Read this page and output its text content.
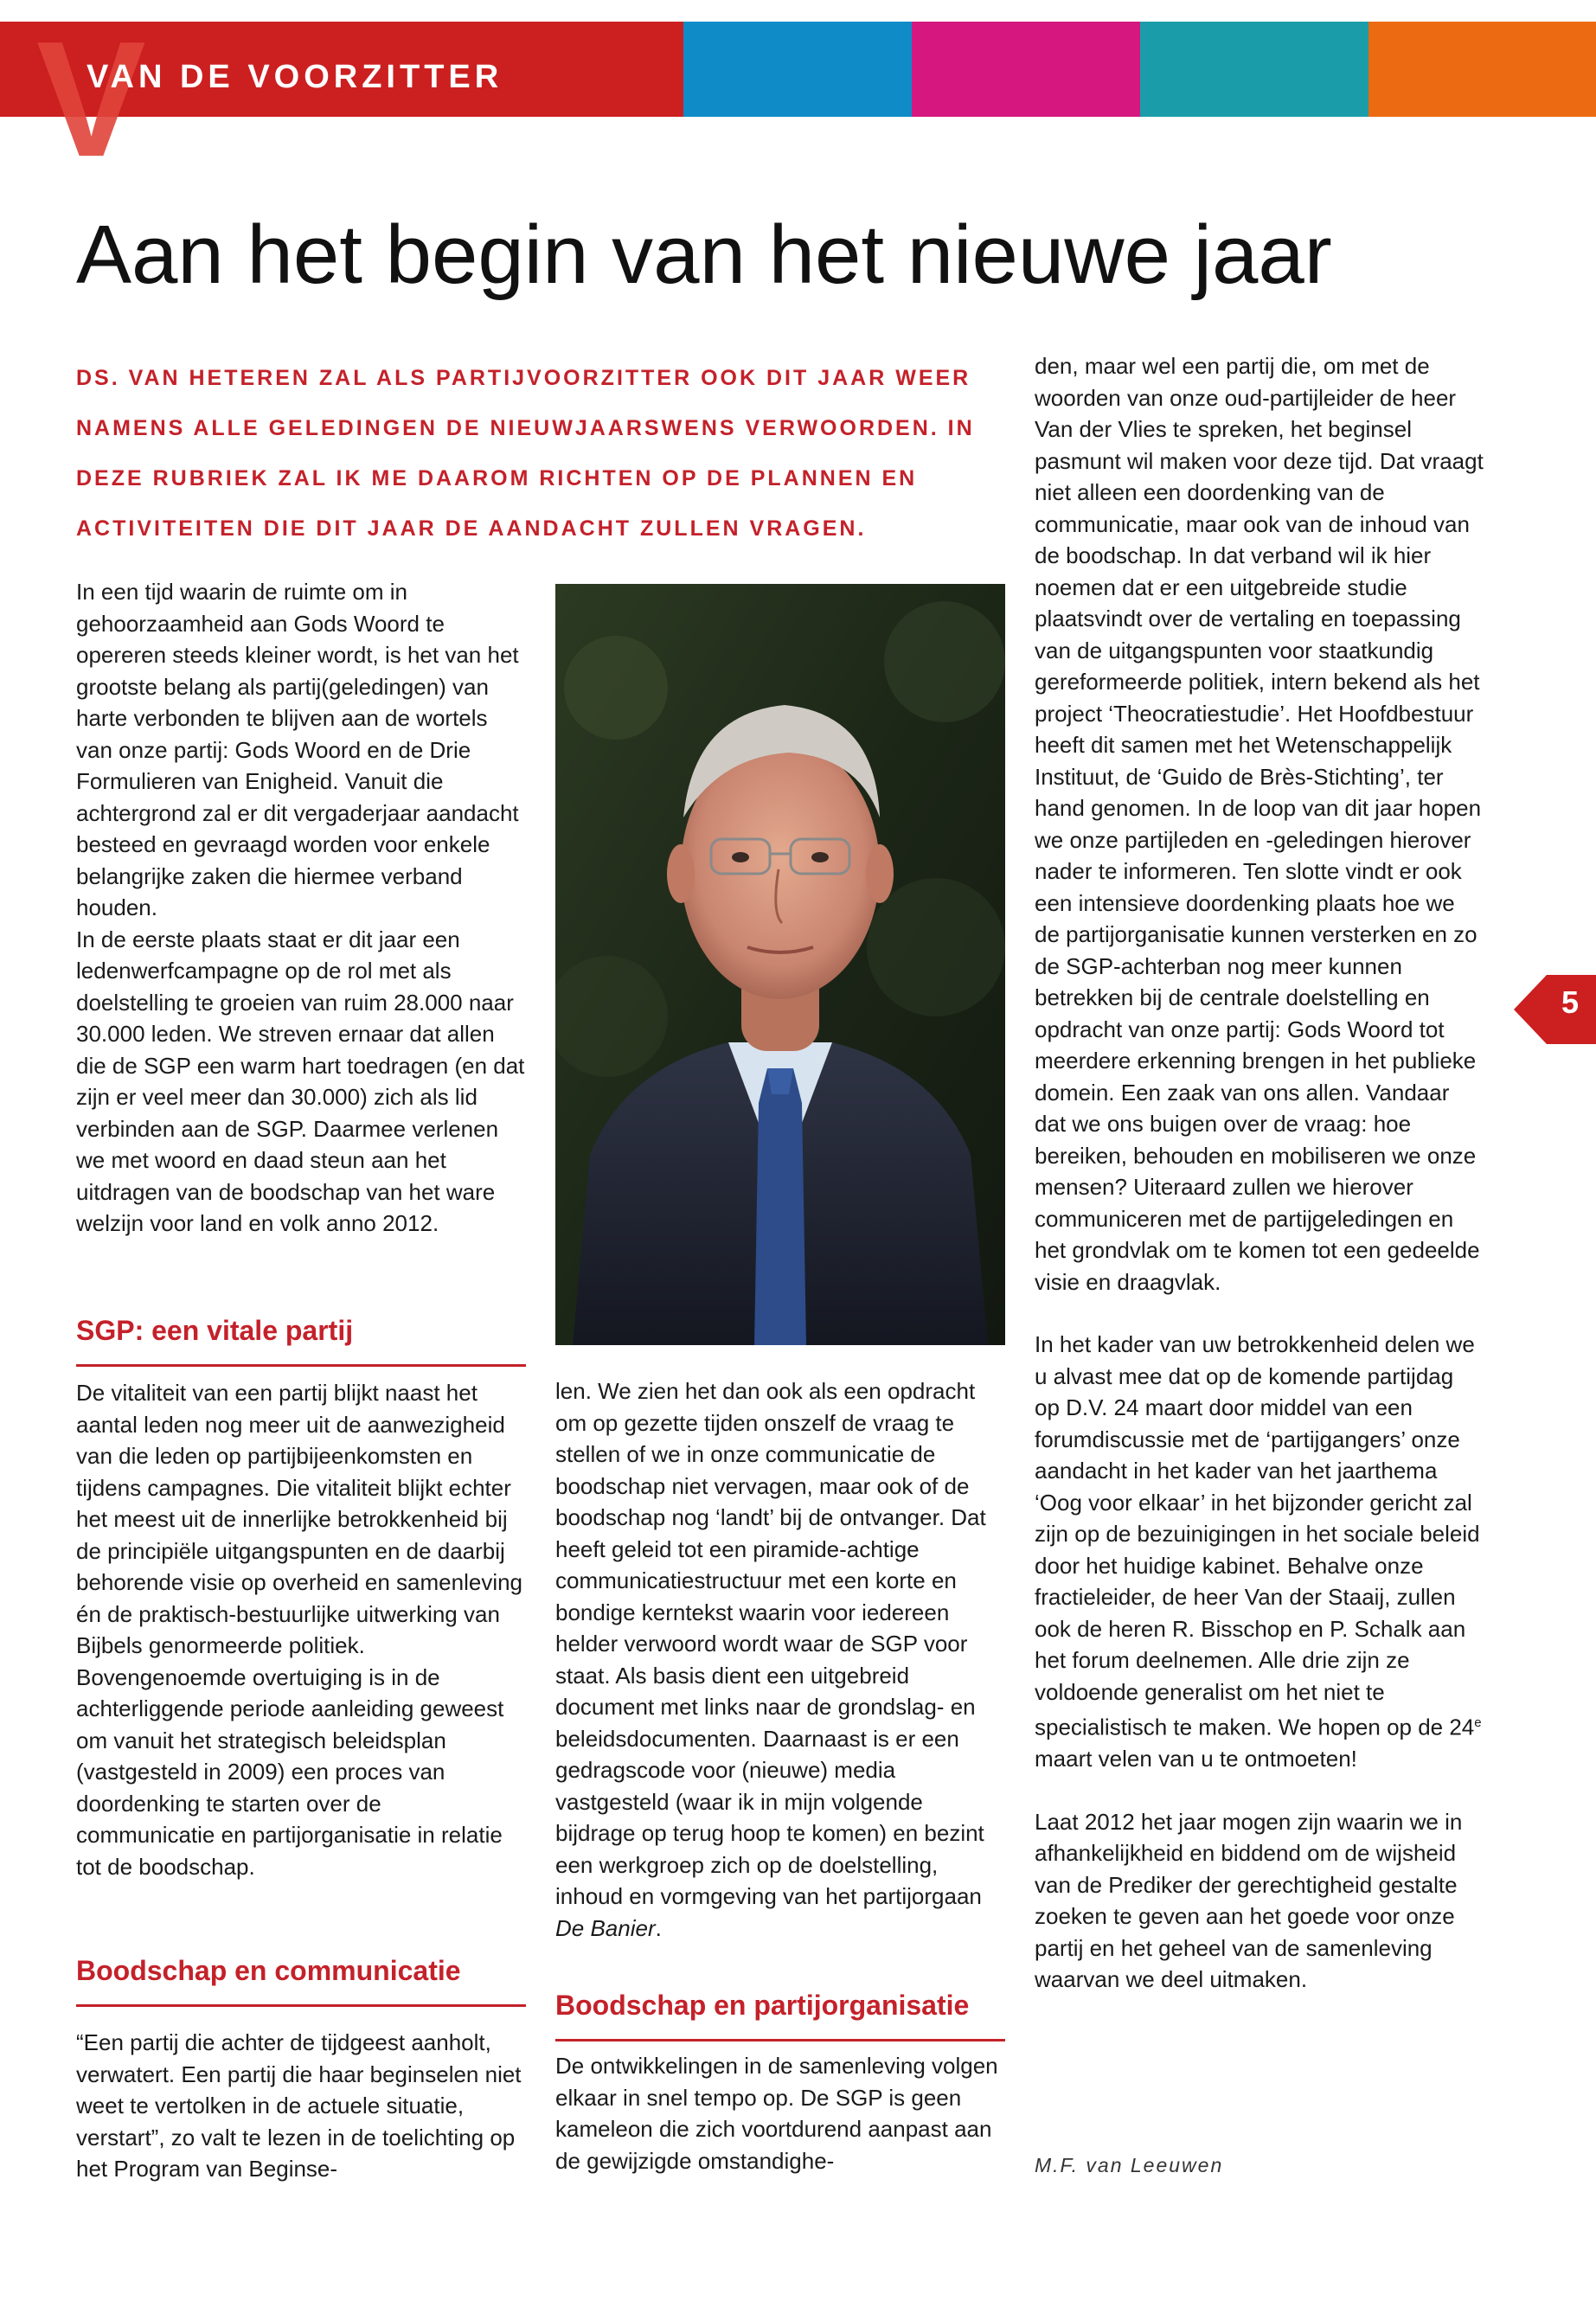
V
VAN DE VOORZITTER
Aan het begin van het nieuwe jaar

DS. VAN HETEREN ZAL ALS PARTIJVOORZITTER OOK DIT JAAR WEER NAMENS ALLE GELEDINGEN DE NIEUWJAARSWENS VERWOORDEN. IN DEZE RUBRIEK ZAL IK ME DAAROM RICHTEN OP DE PLANNEN EN ACTIVITEITEN DIE DIT JAAR DE AANDACHT ZULLEN VRAGEN.

In een tijd waarin de ruimte om in gehoorzaamheid aan Gods Woord te opereren steeds kleiner wordt, is het van het grootste belang als partij(geledingen) van harte verbonden te blijven aan de wortels van onze partij: Gods Woord en de Drie Formulieren van Enigheid. Vanuit die achtergrond zal er dit vergaderjaar aandacht besteed en gevraagd worden voor enkele belangrijke zaken die hiermee verband houden.

In de eerste plaats staat er dit jaar een ledenwerfcampagne op de rol met als doelstelling te groeien van ruim 28.000 naar 30.000 leden. We streven ernaar dat allen die de SGP een warm hart toedragen (en dat zijn er veel meer dan 30.000) zich als lid verbinden aan de SGP. Daarmee verlenen we met woord en daad steun aan het uitdragen van de boodschap van het ware welzijn voor land en volk anno 2012.

SGP: een vitale partij

De vitaliteit van een partij blijkt naast het aantal leden nog meer uit de aanwezigheid van die leden op partijbijeenkomsten en tijdens campagnes. Die vitaliteit blijkt echter het meest uit de innerlijke betrokkenheid bij de principiële uitgangspunten en de daarbij behorende visie op overheid en samenleving én de praktisch-bestuurlijke uitwerking van Bijbels genormeerde politiek.

Bovengenoemde overtuiging is in de achterliggende periode aanleiding geweest om vanuit het strategisch beleidsplan (vastgesteld in 2009) een proces van doordenking te starten over de communicatie en partijorganisatie in relatie tot de boodschap.

Boodschap en communicatie

“Een partij die achter de tijdgeest aanholt, verwatert. Een partij die haar beginselen niet weet te vertolken in de actuele situatie, verstart”, zo valt te lezen in de toelichting op het Program van Beginse-

len. We zien het dan ook als een opdracht om op gezette tijden onszelf de vraag te stellen of we in onze communicatie de boodschap niet vervagen, maar ook of de boodschap nog ‘landt’ bij de ontvanger. Dat heeft geleid tot een piramide-achtige communicatiestructuur met een korte en bondige kerntekst waarin voor iedereen helder verwoord wordt waar de SGP voor staat. Als basis dient een uitgebreid document met links naar de grondslag- en beleidsdocumenten. Daarnaast is er een gedragscode voor (nieuwe) media vastgesteld (waar ik in mijn volgende bijdrage op terug hoop te komen) en bezint een werkgroep zich op de doelstelling, inhoud en vormgeving van het partijorgaan De Banier.

Boodschap en partijorganisatie

De ontwikkelingen in de samenleving volgen elkaar in snel tempo op. De SGP is geen kameleon die zich voortdurend aanpast aan de gewijzigde omstandighe-

den, maar wel een partij die, om met de woorden van onze oud-partijleider de heer Van der Vlies te spreken, het beginsel pasmunt wil maken voor deze tijd. Dat vraagt niet alleen een doordenking van de communicatie, maar ook van de inhoud van de boodschap. In dat verband wil ik hier noemen dat er een uitgebreide studie plaatsvindt over de vertaling en toepassing van de uitgangspunten voor staatkundig gereformeerde politiek, intern bekend als het project ‘Theocratiestudie’. Het Hoofdbestuur heeft dit samen met het Wetenschappelijk Instituut, de ‘Guido de Brès-Stichting’, ter hand genomen. In de loop van dit jaar hopen we onze partijleden en -geledingen hierover nader te informeren. Ten slotte vindt er ook een intensieve doordenking plaats hoe we de partijorganisatie kunnen versterken en zo de SGP-achterban nog meer kunnen betrekken bij de centrale doelstelling en opdracht van onze partij: Gods Woord tot meerdere erkenning brengen in het publieke domein. Een zaak van ons allen. Vandaar dat we ons buigen over de vraag: hoe bereiken, behouden en mobiliseren we onze mensen? Uiteraard zullen we hierover communiceren met de partijgeledingen en het grondvlak om te komen tot een gedeelde visie en draagvlak.

In het kader van uw betrokkenheid delen we u alvast mee dat op de komende partijdag op D.V. 24 maart door middel van een forumdiscussie met de ‘partijgangers’ onze aandacht in het kader van het jaarthema ‘Oog voor elkaar’ in het bijzonder gericht zal zijn op de bezuinigingen in het sociale beleid door het huidige kabinet. Behalve onze fractieleider, de heer Van der Staaij, zullen ook de heren R. Bisschop en P. Schalk aan het forum deelnemen. Alle drie zijn ze voldoende generalist om het niet te specialistisch te maken. We hopen op de 24e maart velen van u te ontmoeten!

Laat 2012 het jaar mogen zijn waarin we in afhankelijkheid en biddend om de wijsheid van de Prediker der gerechtigheid gestalte zoeken te geven aan het goede voor onze partij en het geheel van de samenleving waarvan we deel uitmaken.

M.F. van Leeuwen
5
